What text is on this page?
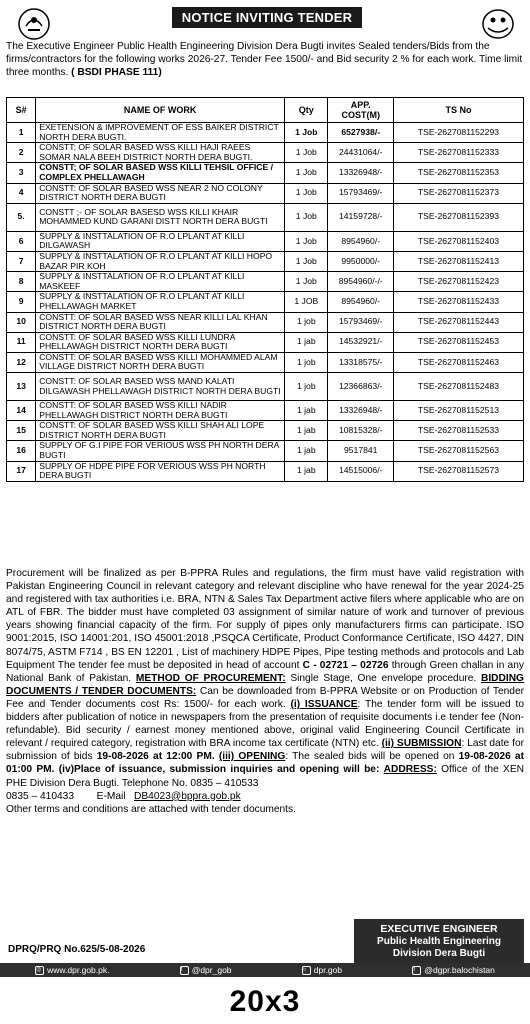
NOTICE INVITING TENDER
The Executive Engineer Public Health Engineering Division Dera Bugti invites Sealed tenders/Bids from the firms/contractors for the following works 2026-27. Tender Fee 1500/- and Bid security 2 % for each work. Time limit three months. ( BSDI PHASE 111)
S#	NAME OF WORK	Qty	APP. COST(M)	TS No
1	EXETENSION & IMPROVEMENT OF ESS BAIKER DISTRICT NORTH DERA BUGTI.	1 Job	6527938/-	TSE-2627081152293
2	CONSTT; OF SOLAR BASED WSS KILLI HAJI RAEES SOMAR NALA BEEH DISTRICT NORTH DERA BUGTI.	1 Job	24431064/-	TSE-2627081152333
3	CONSTT; OF SOLAR BASED WSS KILLI TEHSIL OFFICE / COMPLEX PHELLAWAGH	1 Job	13326948/-	TSE-2627081152353
4	CONSTT: OF SOLAR BASED WSS NEAR 2 NO COLONY DISTRICT NORTH DERA BUGTI	1 Job	15793469/-	TSE-2627081152373
5.	CONSTT ;- OF SOLAR BASESD WSS KILLI KHAIR MOHAMMED KUND GARANI DISTT NORTH DERA BUGTI	1 Job	14159728/-	TSE-2627081152393
6	SUPPLY & INSTTALATION OF R.O LPLANT AT KILLI DILGAWASH	1 Job	8954960/-	TSE-2627081152403
7	SUPPLY & INSTTALATION OF R.O LPLANT AT KILLI HOPO BAZAR PIR KOH	1 Job	9950000/-	TSE-2627081152413
8	SUPPLY & INSTTALATION OF R.O LPLANT AT KILLI MASKEEF	1 Job	8954960/-/-	TSE-2627081152423
9	SUPPLY & INSTTALATION OF R.O LPLANT AT KILLI PHELLAWAGH MARKET	1 JOB	8954960/-	TSE-2627081152433
10	CONSTT: OF SOLAR BASED WSS NEAR KILLI LAL KHAN DISTRICT NORTH DERA BUGTI	1 job	15793469/-	TSE-2627081152443
11	CONSTT: OF SOLAR BASED WSS KILLI LUNDRA PHELLAWAGH DISTRICT NORTH DERA BUGTI	1 jab	14532921/-	TSE-2627081152453
12	CONSTT: OF SOLAR BASED WSS KILLI MOHAMMED ALAM VILLAGE DISTRICT NORTH DERA BUGTI	1 job	13318575/-	TSE-2627081152463
13	CONSTT: OF SOLAR BASED WSS MAND KALATI DILGAWASH PHELLAWAGH DISTRICT NORTH DERA BUGTI	1 job	12366863/-	TSE-2627081152483
14	CONSTT: OF SOLAR BASED WSS KILLI NADIR PHELLAWAGH DISTRICT NORTH DERA BUGTI	1 jab	13326948/-	TSE-2627081152513
15	CONSTT: OF SOLAR BASED WSS KILLI SHAH ALI LOPE DISTRICT NORTH DERA BUGTI	1 jab	10815328/-	TSE-2627081152533
16	SUPPLY OF G.I PIPE FOR VERIOUS WSS PH NORTH DERA BUGTI	1 jab	9517841	TSE-2627081152563
17	SUPPLY OF HDPE PIPE FOR VERIOUS WSS PH NORTH DERA BUGTI	1 jab	14515006/-	TSE-2627081152573
Procurement will be finalized as per B-PPRA Rules and regulations, the firm must have valid registration with Pakistan Engineering Council in relevant category and relevant discipline who have renewal for the year 2024-25 and registered with tax authorities i.e. BRA, NTN & Sales Tax Department active filers where applicable who are on ATL of FBR. The bidder must have completed 03 assignment of similar nature of work and turnover of previous years showing financial capacity of the firm. For supply of pipes only manufacturers firms can participate. ISO 9001:2015, ISO 14001:201, ISO 45001:2018 ,PSQCA Certificate, Product Conformance Certificate, ISO 4427, DIN 8074/75, ASTM F714 , BS EN 12201 , List of machinery HDPE Pipes, Pipe testing methods and protocols and Lab Equipment The tender fee must be deposited in head of account C - 02721 – 02726 through Green challan in any National Bank of Pakistan. METHOD OF PROCUREMENT: Single Stage, One envelope procedure. BIDDING DOCUMENTS / TENDER DOCUMENTS: Can be downloaded from B-PPRA Website or on Production of Tender Fee and Tender documents cost Rs: 1500/- for each work. (i) ISSUANCE: The tender form will be issued to bidders after publication of notice in newspapers from the presentation of requisite documents i.e tender fee (Non-refundable). Bid security / earnest money mentioned above, original valid Engineering Council Certificate in relevant / required category, registration with BRA income tax certificate (NTN) etc. (ii) SUBMISSION: Last date for submission of bids 19-08-2026 at 12:00 PM. (iii) OPENING: The sealed bids will be opened on 19-08-2026 at 01:00 PM. (iv)Place of issuance, submission inquiries and opening will be: ADDRESS: Office of the XEN PHE Division Dera Bugti. Telephone No. 0835 – 410533
0835 – 410433 E-Mail DB4023@bppra.gob.pk
Other terms and conditions are attached with tender documents.
DPRQ/PRQ No.625/5-08-2026
EXECUTIVE ENGINEER
Public Health Engineering
Division Dera Bugti
◎ www.dpr.gob.pk.	t	@dpr_gob	○ dpr.gob	f	@dgpr.balochistan
20x3
